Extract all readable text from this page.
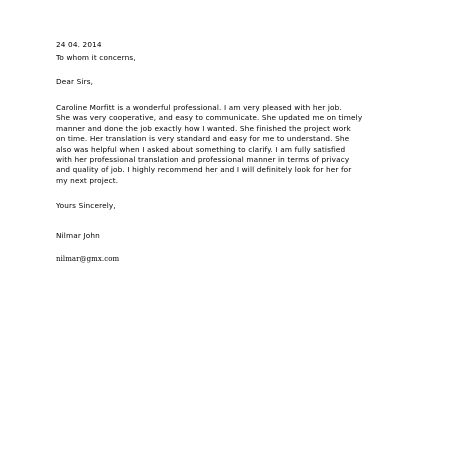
24 04. 2014
To whom it concerns,
Dear Sirs,
Caroline Morfitt is a wonderful professional. I am very pleased with her job.
She was very cooperative, and easy to communicate. She updated me on timely
manner and done the job exactly how I wanted. She finished the project work
on time. Her translation is very standard and easy for me to understand. She
also was helpful when I asked about something to clarify. I am fully satisfied
with her professional translation and professional manner in terms of privacy
and quality of job. I highly recommend her and I will definitely look for her for
my next project.
Yours Sincerely,
Nilmar John
nilmar@gmx.com
